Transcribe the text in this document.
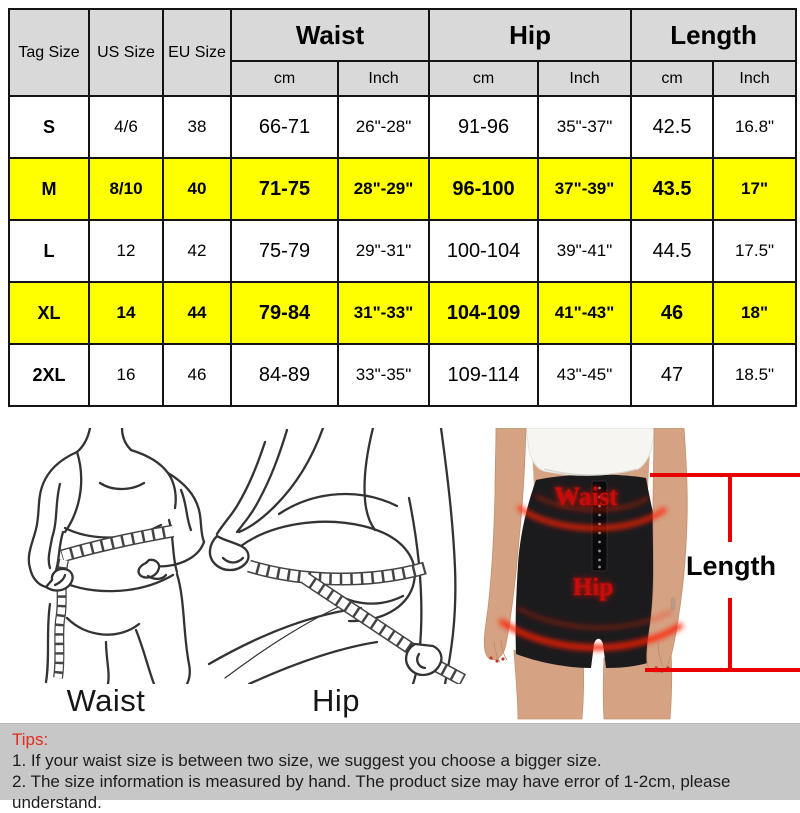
Tag Size	US Size	EU Size	Waist		Hip		Length	
			cm	Inch	cm	Inch	cm	Inch
S	4/6	38	66-71	26"-28"	91-96	35"-37"	42.5	16.8"
M	8/10	40	71-75	28"-29"	96-100	37"-39"	43.5	17"
L	12	42	75-79	29"-31"	100-104	39"-41"	44.5	17.5"
XL	14	44	79-84	31"-33"	104-109	41"-43"	46	18"
2XL	16	46	84-89	33"-35"	109-114	43"-45"	47	18.5"
Waist	Hip
Waist
Hip
Length
Tips:
1. If your waist size is between two size, we suggest you choose a bigger size.
2. The size information is measured by hand. The product size may have error of 1-2cm, please understand.
